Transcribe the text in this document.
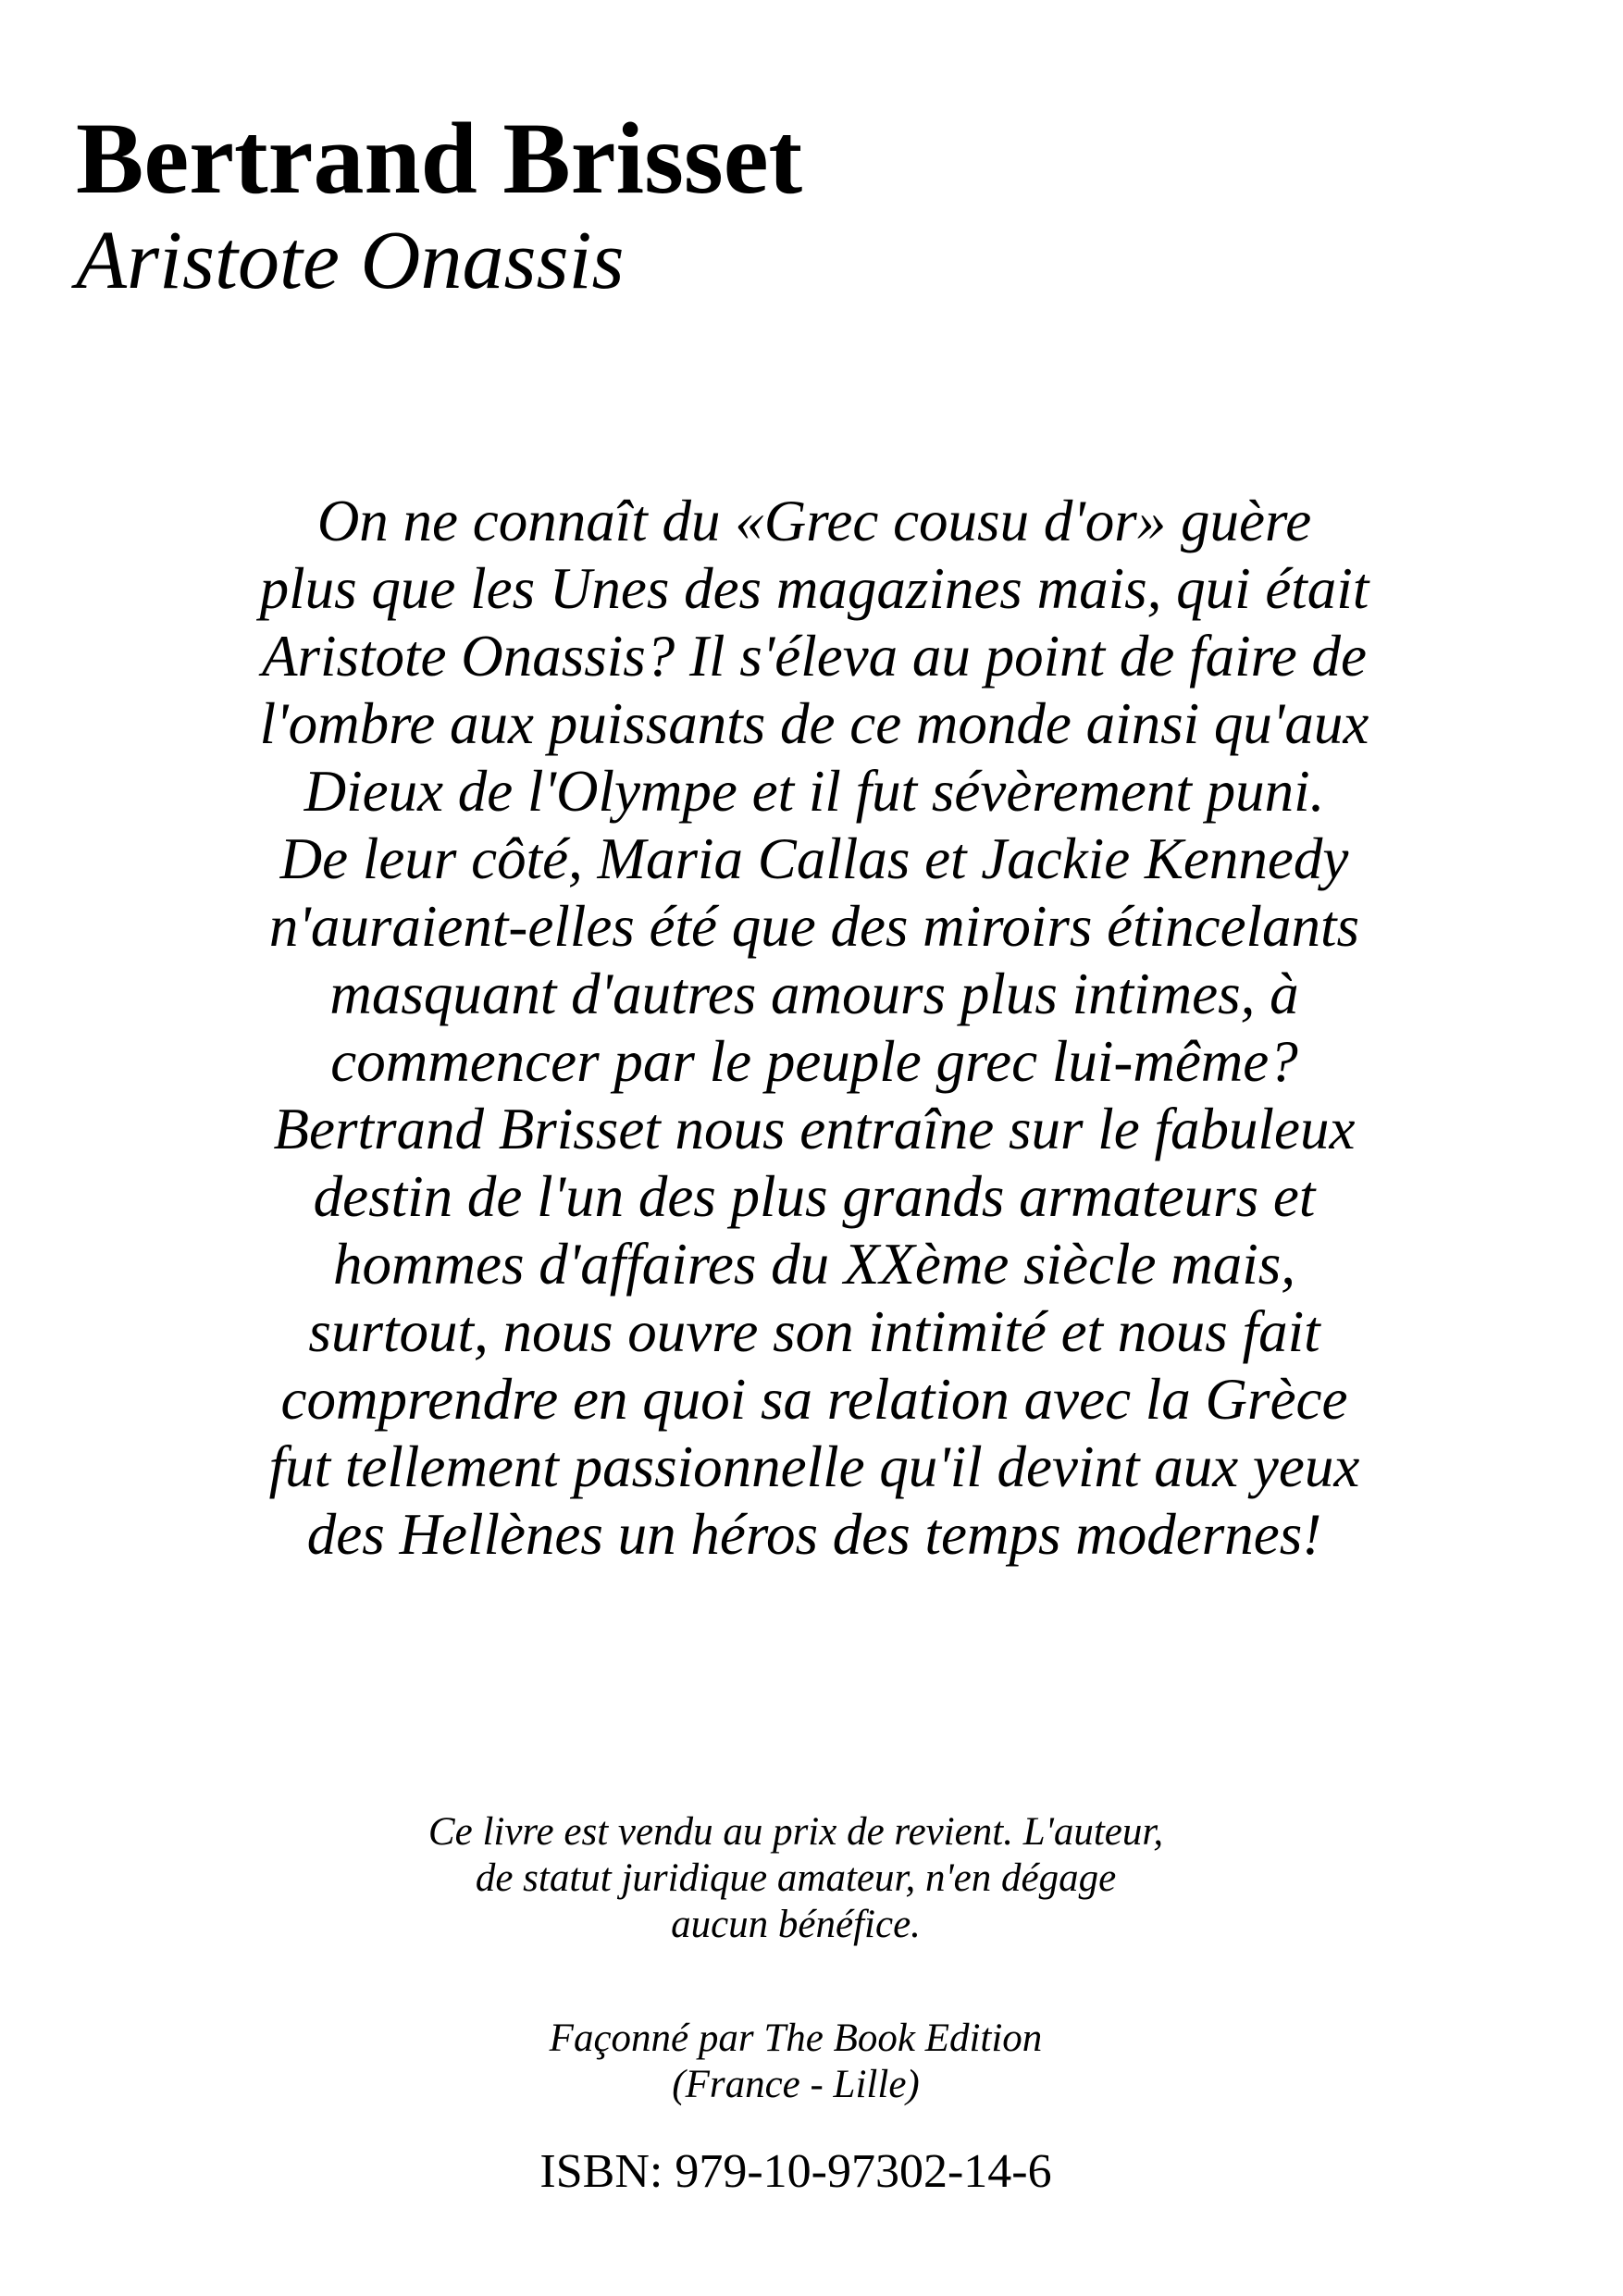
Bertrand Brisset
Aristote Onassis
On ne connaît du «Grec cousu d'or» guère
plus que les Unes des magazines mais, qui était
Aristote Onassis? Il s'éleva au point de faire de
l'ombre aux puissants de ce monde ainsi qu'aux
Dieux de l'Olympe et il fut sévèrement puni.
De leur côté, Maria Callas et Jackie Kennedy
n'auraient-elles été que des miroirs étincelants
masquant d'autres amours plus intimes, à
commencer par le peuple grec lui-même?
Bertrand Brisset nous entraîne sur le fabuleux
destin de l'un des plus grands armateurs et
hommes d'affaires du XXème siècle mais,
surtout, nous ouvre son intimité et nous fait
comprendre en quoi sa relation avec la Grèce
fut tellement passionnelle qu'il devint aux yeux
des Hellènes un héros des temps modernes!
Ce livre est vendu au prix de revient. L'auteur,
de statut juridique amateur, n'en dégage
aucun bénéfice.
Façonné par The Book Edition
(France - Lille)
ISBN: 979-10-97302-14-6
